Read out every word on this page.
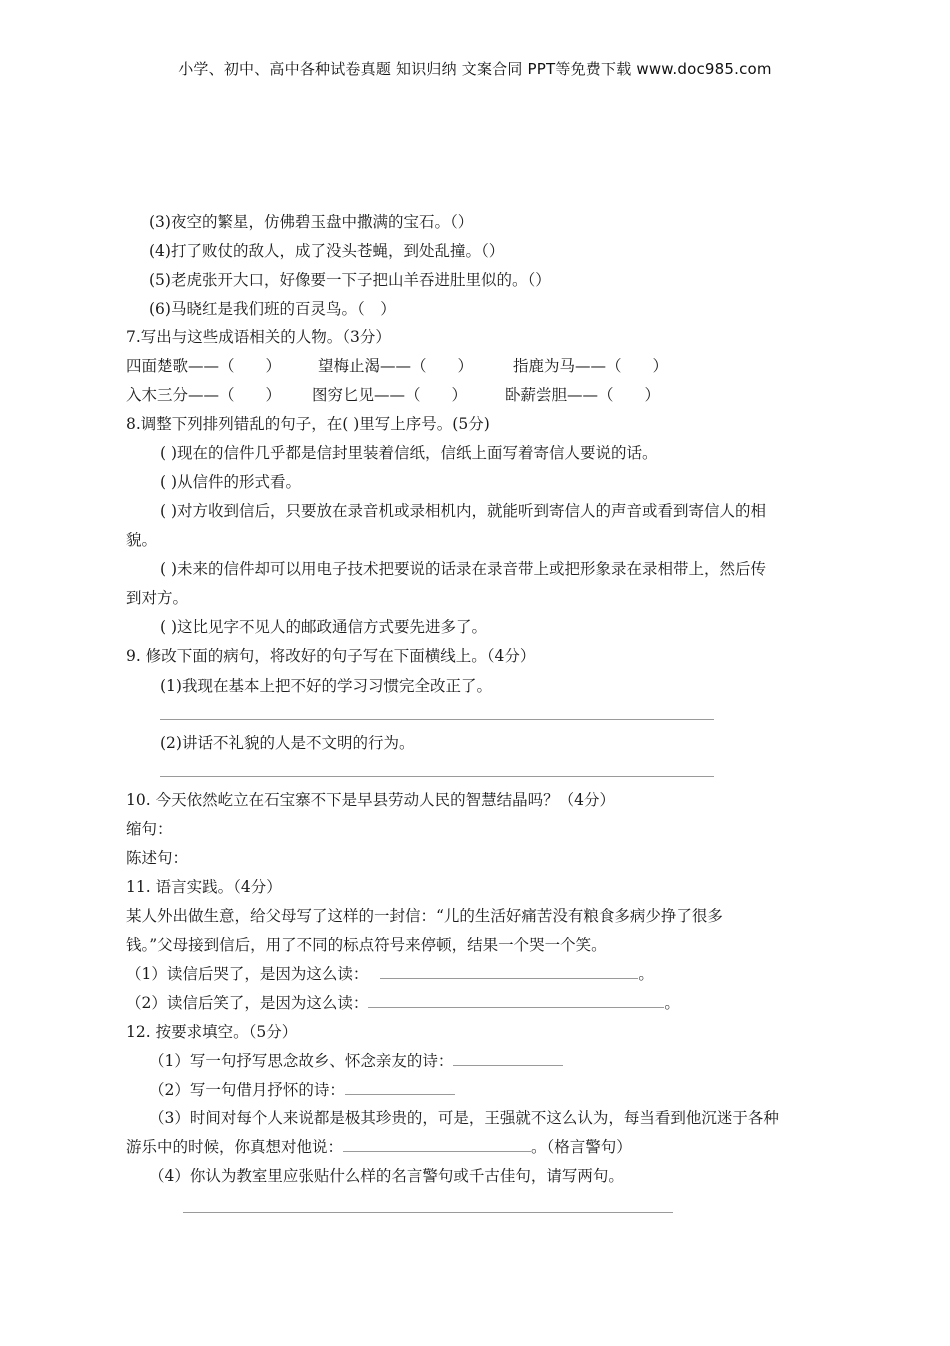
小学、初中、高中各种试卷真题 知识归纳 文案合同 PPT等免费下载 www.doc985.com
(3)夜空的繁星，仿佛碧玉盘中撒满的宝石。（）
(4)打了败仗的敌人，成了没头苍蝇，到处乱撞。（）
(5)老虎张开大口，好像要一下子把山羊吞进肚里似的。（）
(6)马晓红是我们班的百灵鸟。（　）
7.写出与这些成语相关的人物。（3分）
四面楚歌——（　　） 望梅止渴——（　　）	指鹿为马——（　　）
入木三分——（　　） 图穷匕见——（　　） 卧薪尝胆——（　　）
8.调整下列排列错乱的句子，在( )里写上序号。(5分)
( )现在的信件几乎都是信封里装着信纸，信纸上面写着寄信人要说的话。
( )从信件的形式看。
( )对方收到信后，只要放在录音机或录相机内，就能听到寄信人的声音或看到寄信人的相
貌。
( )未来的信件却可以用电子技术把要说的话录在录音带上或把形象录在录相带上，然后传
到对方。
( )这比见字不见人的邮政通信方式要先进多了。
9. 修改下面的病句，将改好的句子写在下面横线上。（4分）
(1)我现在基本上把不好的学习习惯完全改正了。
(2)讲话不礼貌的人是不文明的行为。
10. 今天依然屹立在石宝寨不下是早县劳动人民的智慧结晶吗？（4分）
缩句：
陈述句：
11. 语言实践。（4分）
某人外出做生意，给父母写了这样的一封信：“儿的生活好痛苦没有粮食多病少挣了很多
钱。”父母接到信后，用了不同的标点符号来停顿，结果一个哭一个笑。
（1）读信后哭了，是因为这么读：	。
（2）读信后笑了，是因为这么读：	。
12. 按要求填空。（5分）
（1）写一句抒写思念故乡、怀念亲友的诗：
（2）写一句借月抒怀的诗：
（3）时间对每个人来说都是极其珍贵的，可是，王强就不这么认为，每当看到他沉迷于各种
游乐中的时候，你真想对他说：	。（格言警句）
（4）你认为教室里应张贴什么样的名言警句或千古佳句，请写两句。
